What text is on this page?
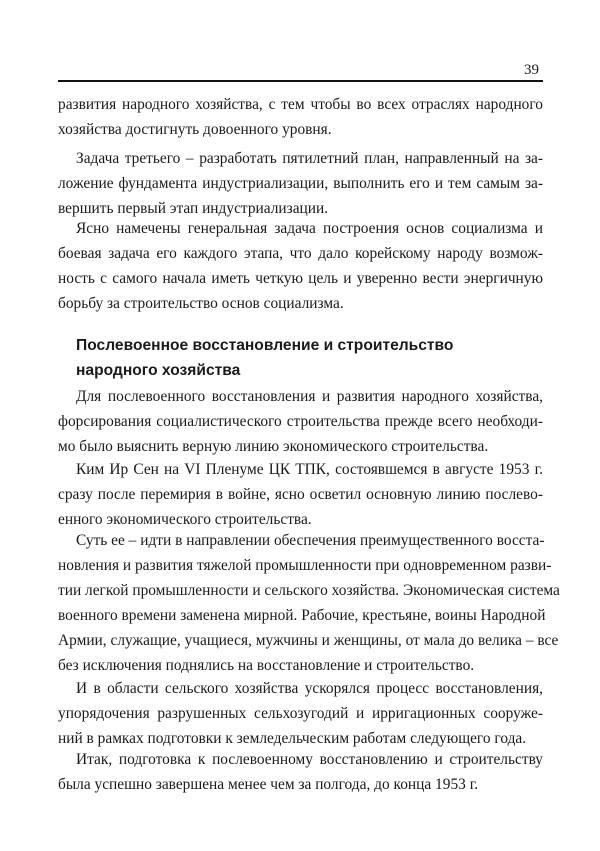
39
развития народного хозяйства, с тем чтобы во всех отраслях народного
хозяйства достигнуть довоенного уровня.
Задача третьего – разработать пятилетний план, направленный на за-
ложение фундамента индустриализации, выполнить его и тем самым за-
вершить первый этап индустриализации.
Ясно намечены генеральная задача построения основ социализма и
боевая задача его каждого этапа, что дало корейскому народу возмож-
ность с самого начала иметь четкую цель и уверенно вести энергичную
борьбу за строительство основ социализма.
Послевоенное восстановление и строительство
народного хозяйства
Для послевоенного восстановления и развития народного хозяйства,
форсирования социалистического строительства прежде всего необходи-
мо было выяснить верную линию экономического строительства.
Ким Ир Сен на VI Пленуме ЦК ТПК, состоявшемся в августе 1953 г.
сразу после перемирия в войне, ясно осветил основную линию послево-
енного экономического строительства.
Суть ее – идти в направлении обеспечения преимущественного восста-
новления и развития тяжелой промышленности при одновременном разви-
тии легкой промышленности и сельского хозяйства. Экономическая система
военного времени заменена мирной. Рабочие, крестьяне, воины Народной
Армии, служащие, учащиеся, мужчины и женщины, от мала до велика – все
без исключения поднялись на восстановление и строительство.
И в области сельского хозяйства ускорялся процесс восстановления,
упорядочения разрушенных сельхозугодий и ирригационных сооруже-
ний в рамках подготовки к земледельческим работам следующего года.
Итак, подготовка к послевоенному восстановлению и строительству
была успешно завершена менее чем за полгода, до конца 1953 г.
